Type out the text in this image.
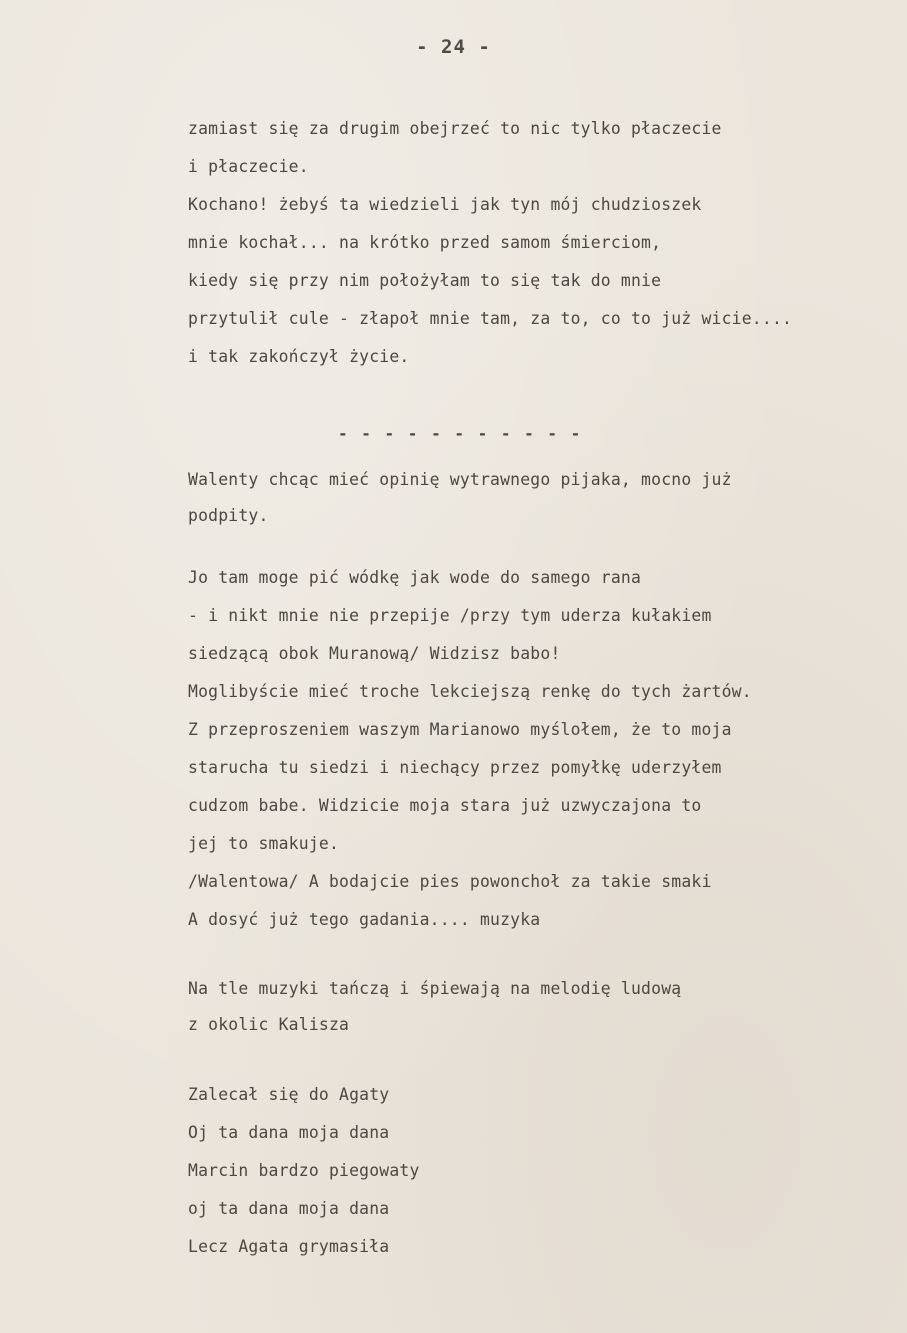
- 24 -
zamiast się za drugim obejrzeć to nic tylko płaczecie
i płaczecie.
Kochano! żebyś ta wiedzieli jak tyn mój chudzioszek
mnie kochał... na krótko przed samom śmierciom,
kiedy się przy nim położyłam to się tak do mnie
przytulił cule - złapoł mnie tam, za to, co to już wicie....
i tak zakończył życie.
- - - - - - - - - - -
Walenty chcąc mieć opinię wytrawnego pijaka, mocno już
podpity.
Jo tam moge pić wódkę jak wode do samego rana
- i nikt mnie nie przepije /przy tym uderza kułakiem
siedzącą obok Muranową/ Widzisz babo!
Moglibyście mieć troche lekciejszą renkę do tych żartów.
Z przeproszeniem waszym Marianowo myślołem, że to moja
starucha tu siedzi i niechący przez pomyłkę uderzyłem
cudzom babe. Widzicie moja stara już uzwyczajona to
jej to smakuje.
/Walentowa/ A bodajcie pies powonchoł za takie smaki
A dosyć już tego gadania.... muzyka
Na tle muzyki tańczą i śpiewają na melodię ludową
z okolic Kalisza
Zalecał się do Agaty
Oj ta dana moja dana
Marcin bardzo piegowaty
oj ta dana moja dana
Lecz Agata grymasiła
